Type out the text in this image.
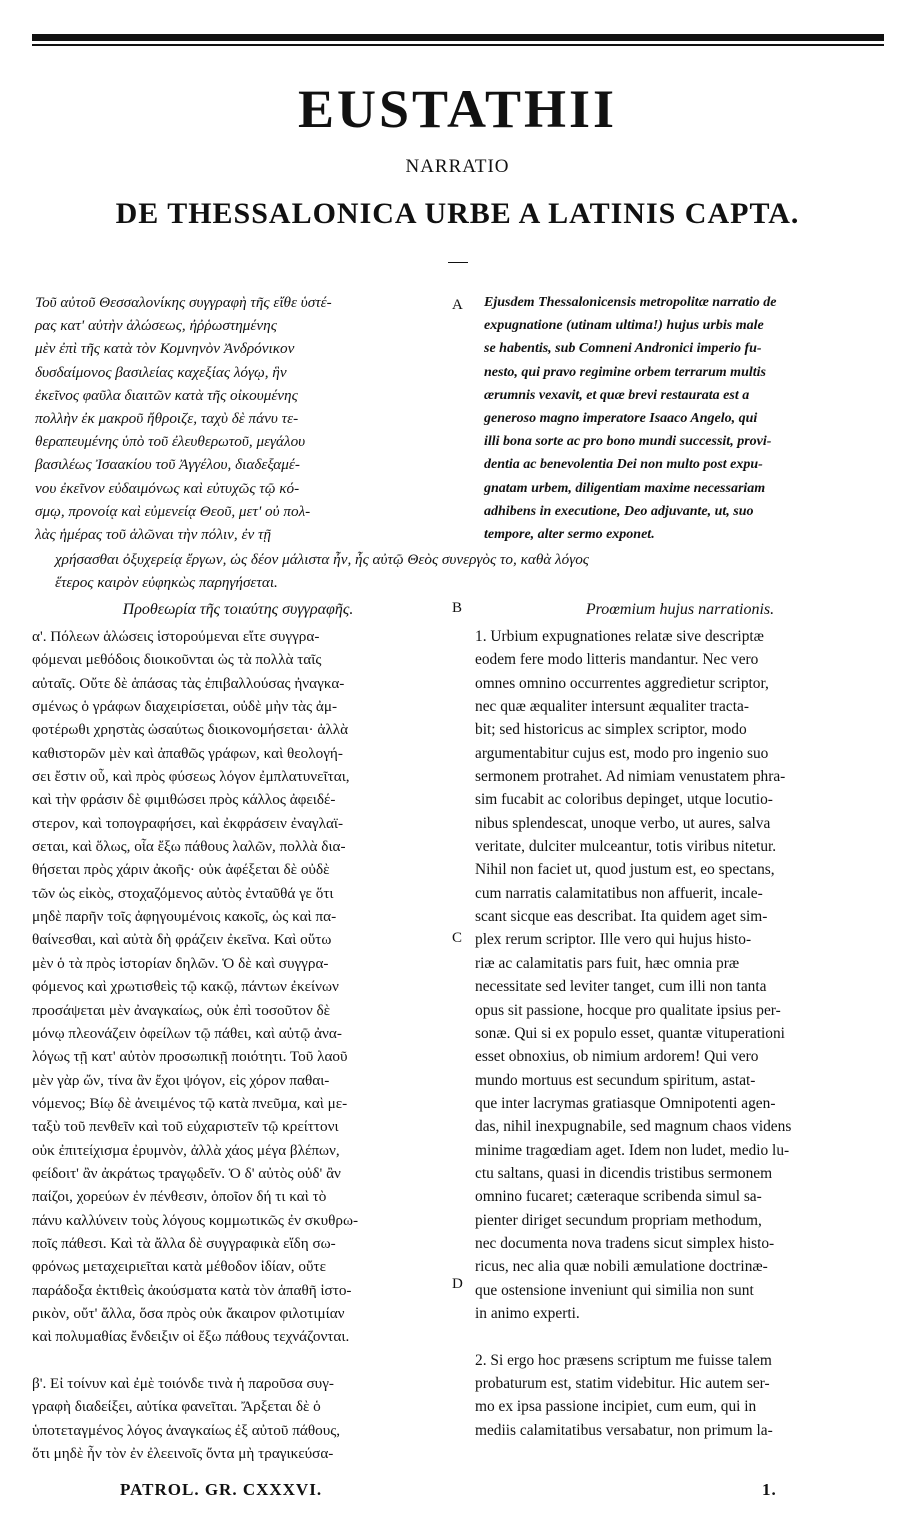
EUSTATHII
NARRATIO
DE THESSALONICA URBE A LATINIS CAPTA.
A
B
C
D

Τοῦ αὐτοῦ Θεσσαλονίκης συγγραφὴ τῆς εἴθε ὑστέ-

ρας κατ' αὐτὴν ἁλώσεως, ἠῤῥωστημένης

μὲν ἐπὶ τῆς κατὰ τὸν Κομνηνὸν Ἀνδρόνικον

δυσδαίμονος βασιλείας καχεξίας λόγῳ, ἣν

ἐκεῖνος φαῦλα διαιτῶν κατὰ τῆς οἰκουμένης

πολλὴν ἐκ μακροῦ ἤθροιζε, ταχὺ δὲ πάνυ τε-

θεραπευμένης ὑπὸ τοῦ ἐλευθερωτοῦ, μεγάλου

βασιλέως Ἰσαακίου τοῦ Ἀγγέλου, διαδεξαμέ-

νου ἐκεῖνον εὐδαιμόνως καὶ εὐτυχῶς τῷ κό-

σμῳ, προνοίᾳ καὶ εὐμενείᾳ Θεοῦ, μετ' οὐ πολ-

λὰς ἡμέρας τοῦ ἁλῶναι τὴν πόλιν, ἐν τῇ

Ejusdem Thessalonicensis metropolitæ narratio de

expugnatione (utinam ultima!) hujus urbis male

se habentis, sub Comneni Andronici imperio fu-

nesto, qui pravo regimine orbem terrarum multis

ærumnis vexavit, et quæ brevi restaurata est a

generoso magno imperatore Isaaco Angelo, qui

illi bona sorte ac pro bono mundi successit, provi-

dentia ac benevolentia Dei non multo post expu-

gnatam urbem, diligentiam maxime necessariam

adhibens in executione, Deo adjuvante, ut, suo

tempore, alter sermo exponet.

χρήσασθαι ὀξυχερείᾳ ἔργων, ὡς δέον μάλιστα ἦν, ἧς αὐτῷ Θεὸς συνεργὸς το, καθὰ λόγος

ἕτερος καιρὸν εὐφηκὼς παρηγήσεται.

Προθεωρία τῆς τοιαύτης συγγραφῆς.

α'. Πόλεων ἁλώσεις ἱστορούμεναι εἴτε συγγρα-

φόμεναι μεθόδοις διοικοῦνται ὡς τὰ πολλὰ ταῖς

αὐταῖς. Οὔτε δὲ ἁπάσας τὰς ἐπιβαλλούσας ἠναγκα-

σμένως ὁ γράφων διαχειρίσεται, οὐδὲ μὴν τὰς ἀμ-

φοτέρωθι χρηστὰς ὡσαύτως διοικονομήσεται· ἀλλὰ

καθιστορῶν μὲν καὶ ἀπαθῶς γράφων, καὶ θεολογή-

σει ἔστιν οὗ, καὶ πρὸς φύσεως λόγον ἐμπλατυνεῖται,

καὶ τὴν φράσιν δὲ φιμιθώσει πρὸς κάλλος ἀφειδέ-

στερον, καὶ τοπογραφήσει, καὶ ἐκφράσειν ἐναγλαϊ-

σεται, καὶ ὅλως, οἷα ἔξω πάθους λαλῶν, πολλὰ δια-

θήσεται πρὸς χάριν ἀκοῆς· οὐκ ἀφέξεται δὲ οὐδὲ

τῶν ὡς εἰκὸς, στοχαζόμενος αὐτὸς ἐνταῦθά γε ὅτι

μηδὲ παρῆν τοῖς ἀφηγουμένοις κακοῖς, ὡς καὶ πα-

θαίνεσθαι, καὶ αὐτὰ δὴ φράζειν ἐκεῖνα. Καὶ οὕτω

μὲν ὁ τὰ πρὸς ἱστορίαν δηλῶν. Ὁ δὲ καὶ συγγρα-

φόμενος καὶ χρωτισθεὶς τῷ κακῷ, πάντων ἐκείνων

προσάψεται μὲν ἀναγκαίως, οὐκ ἐπὶ τοσοῦτον δὲ

μόνῳ πλεονάζειν ὀφείλων τῷ πάθει, καὶ αὐτῷ ἀνα-

λόγως τῇ κατ' αὐτὸν προσωπικῇ ποιότητι. Τοῦ λαοῦ

μὲν γὰρ ὤν, τίνα ἂν ἔχοι ψόγον, εἰς χόρον παθαι-

νόμενος; Βίῳ δὲ ἀνειμένος τῷ κατὰ πνεῦμα, καὶ με-

ταξὺ τοῦ πενθεῖν καὶ τοῦ εὐχαριστεῖν τῷ κρείττονι

οὐκ ἐπιτείχισμα ἐρυμνὸν, ἀλλὰ χάος μέγα βλέπων,

φείδοιτ' ἂν ἀκράτως τραγῳδεῖν. Ὁ δ' αὐτὸς οὐδ' ἂν

παίζοι, χορεύων ἐν πένθεσιν, ὁποῖον δή τι καὶ τὸ

πάνυ καλλύνειν τοὺς λόγους κομμωτικῶς ἐν σκυθρω-

ποῖς πάθεσι. Καὶ τὰ ἄλλα δὲ συγγραφικὰ εἴδη σω-

φρόνως μεταχειριεῖται κατὰ μέθοδον ἰδίαν, οὔτε

παράδοξα ἐκτιθεὶς ἀκούσματα κατὰ τὸν ἁπαθῆ ἱστο-

ρικὸν, οὔτ' ἄλλα, ὅσα πρὸς οὐκ ἄκαιρον φιλοτιμίαν

καὶ πολυμαθίας ἔνδειξιν οἱ ἔξω πάθους τεχνάζονται.

β'. Εἰ τοίνυν καὶ ἐμὲ τοιόνδε τινὰ ἡ παροῦσα συγ-

γραφὴ διαδείξει, αὐτίκα φανεῖται. Ἄρξεται δὲ ὁ

ὑποτεταγμένος λόγος ἀναγκαίως ἐξ αὐτοῦ πάθους,

ὅτι μηδὲ ἦν τὸν ἐν ἐλεεινοῖς ὄντα μὴ τραγικεύσα-

Proœmium hujus narrationis.

1. Urbium expugnationes relatæ sive descriptæ

eodem fere modo litteris mandantur. Nec vero

omnes omnino occurrentes aggredietur scriptor,

nec quæ æqualiter intersunt æqualiter tracta-

bit; sed historicus ac simplex scriptor, modo

argumentabitur cujus est, modo pro ingenio suo

sermonem protrahet. Ad nimiam venustatem phra-

sim fucabit ac coloribus depinget, utque locutio-

nibus splendescat, unoque verbo, ut aures, salva

veritate, dulciter mulceantur, totis viribus nitetur.

Nihil non faciet ut, quod justum est, eo spectans,

cum narratis calamitatibus non affuerit, incale-

scant sicque eas describat. Ita quidem aget sim-

plex rerum scriptor. Ille vero qui hujus histo-

riæ ac calamitatis pars fuit, hæc omnia præ

necessitate sed leviter tanget, cum illi non tanta

opus sit passione, hocque pro qualitate ipsius per-

sonæ. Qui si ex populo esset, quantæ vituperationi

esset obnoxius, ob nimium ardorem! Qui vero

mundo mortuus est secundum spiritum, astat-

que inter lacrymas gratiasque Omnipotenti agen-

das, nihil inexpugnabile, sed magnum chaos videns

minime tragœdiam aget. Idem non ludet, medio lu-

ctu saltans, quasi in dicendis tristibus sermonem

omnino fucaret; cæteraque scribenda simul sa-

pienter diriget secundum propriam methodum,

nec documenta nova tradens sicut simplex histo-

ricus, nec alia quæ nobili æmulatione doctrinæ-

que ostensione inveniunt qui similia non sunt

in animo experti.

2. Si ergo hoc præsens scriptum me fuisse talem

probaturum est, statim videbitur. Hic autem ser-

mo ex ipsa passione incipiet, cum eum, qui in

mediis calamitatibus versabatur, non primum la-

PATROL. GR. CXXXVI.	1.
